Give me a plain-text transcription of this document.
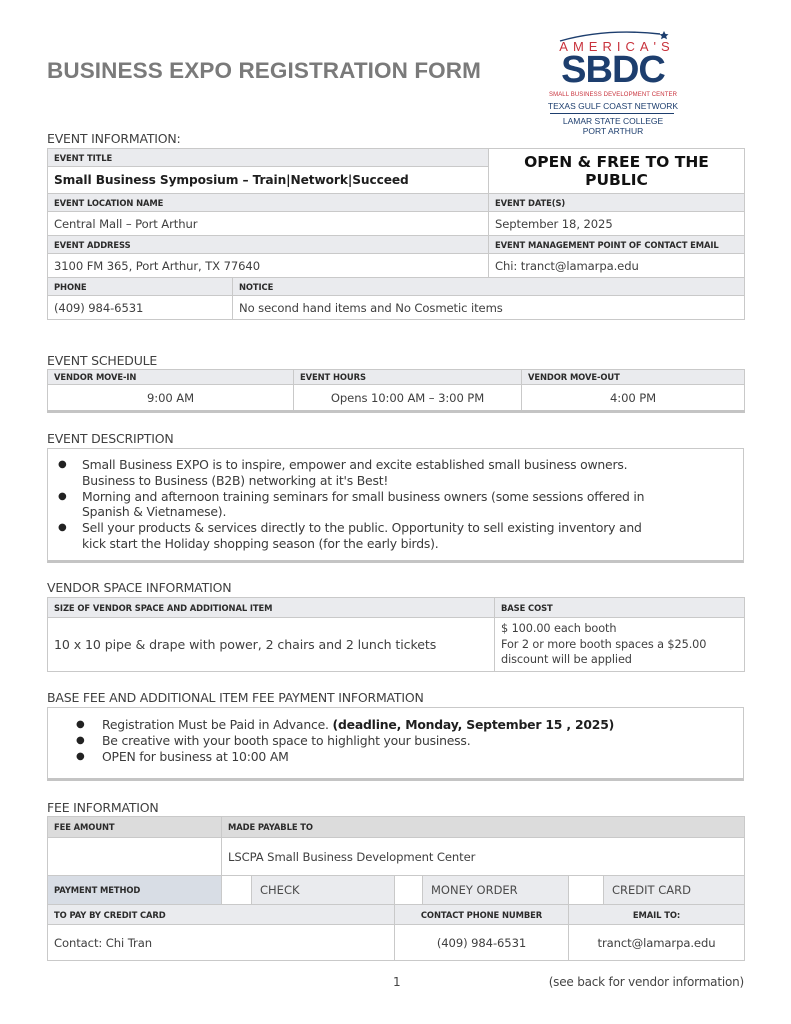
BUSINESS EXPO REGISTRATION FORM
AMERICA'S
SBDC
SMALL BUSINESS DEVELOPMENT CENTER
TEXAS GULF COAST NETWORK
LAMAR STATE COLLEGE
PORT ARTHUR
EVENT INFORMATION:
EVENT TITLE		OPEN & FREE TO THE PUBLIC
Small Business Symposium – Train|Network|Succeed		
EVENT LOCATION NAME		EVENT DATE(S)
Central Mall – Port Arthur		September 18, 2025
EVENT ADDRESS		EVENT MANAGEMENT POINT OF CONTACT EMAIL
3100 FM 365, Port Arthur, TX 77640		Chi: tranct@lamarpa.edu
PHONE	NOTICE	
(409) 984-6531	No second hand items and No Cosmetic items	
EVENT SCHEDULE
VENDOR MOVE-IN	EVENT HOURS	VENDOR MOVE-OUT
9:00 AM	Opens 10:00 AM – 3:00 PM	4:00 PM
EVENT DESCRIPTION
● Small Business EXPO is to inspire, empower and excite established small business owners.
Business to Business (B2B) networking at it's Best!
● Morning and afternoon training seminars for small business owners (some sessions offered in
Spanish & Vietnamese).
● Sell your products & services directly to the public. Opportunity to sell existing inventory and
kick start the Holiday shopping season (for the early birds).
VENDOR SPACE INFORMATION
SIZE OF VENDOR SPACE AND ADDITIONAL ITEM	BASE COST
10 x 10 pipe & drape with power, 2 chairs and 2 lunch tickets	$ 100.00 each booth
For 2 or more booth spaces a $25.00
discount will be applied
BASE FEE AND ADDITIONAL ITEM FEE PAYMENT INFORMATION
● Registration Must be Paid in Advance. (deadline, Monday, September 15 , 2025)
● Be creative with your booth space to highlight your business.
● OPEN for business at 10:00 AM
FEE INFORMATION
FEE AMOUNT	MADE PAYABLE TO					
	LSCPA Small Business Development Center					
PAYMENT METHOD		CHECK		MONEY ORDER		CREDIT CARD
TO PAY BY CREDIT CARD			CONTACT PHONE NUMBER		EMAIL TO:	
Contact: Chi Tran			(409) 984-6531		tranct@lamarpa.edu	
1	(see back for vendor information)
